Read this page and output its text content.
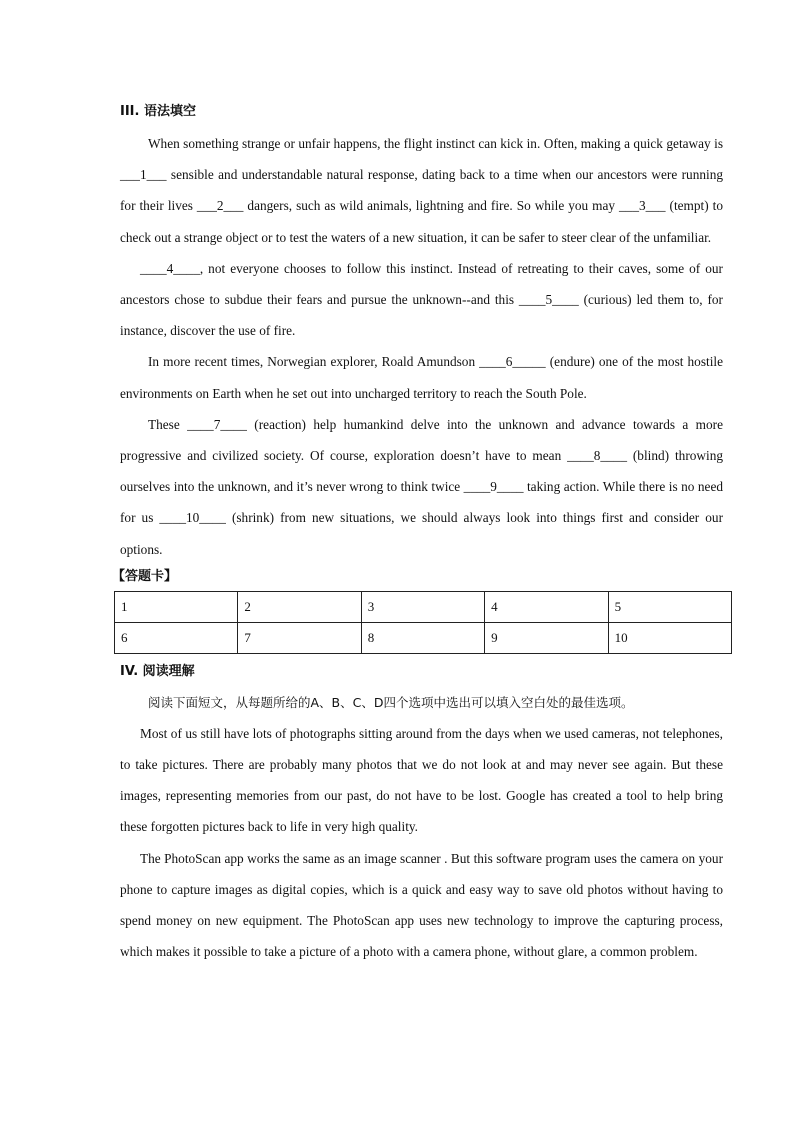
III. 语法填空

When something strange or unfair happens, the flight instinct can kick in. Often, making a quick getaway is ___1___ sensible and understandable natural response, dating back to a time when our ancestors were running for their lives ___2___ dangers, such as wild animals, lightning and fire. So while you may ___3___ (tempt) to check out a strange object or to test the waters of a new situation, it can be safer to steer clear of the unfamiliar.

____4____, not everyone chooses to follow this instinct. Instead of retreating to their caves, some of our ancestors chose to subdue their fears and pursue the unknown--and this ____5____ (curious) led them to, for instance, discover the use of fire.

In more recent times, Norwegian explorer, Roald Amundson ____6_____ (endure) one of the most hostile environments on Earth when he set out into uncharged territory to reach the South Pole.

These ____7____ (reaction) help humankind delve into the unknown and advance towards a more progressive and civilized society. Of course, exploration doesn’t have to mean ____8____ (blind) throwing ourselves into the unknown, and it’s never wrong to think twice ____9____ taking action. While there is no need for us ____10____ (shrink) from new situations, we should always look into things first and consider our options.

【答题卡】
1	2	3	4	5
6	7	8	9	10
IV. 阅读理解

阅读下面短文，从每题所给的A、B、C、D四个选项中选出可以填入空白处的最佳选项。

Most of us still have lots of photographs sitting around from the days when we used cameras, not telephones, to take pictures. There are probably many photos that we do not look at and may never see again. But these images, representing memories from our past, do not have to be lost. Google has created a tool to help bring these forgotten pictures back to life in very high quality.

The PhotoScan app works the same as an image scanner . But this software program uses the camera on your phone to capture images as digital copies, which is a quick and easy way to save old photos without having to spend money on new equipment. The PhotoScan app uses new technology to improve the capturing process, which makes it possible to take a picture of a photo with a camera phone, without glare, a common problem.
